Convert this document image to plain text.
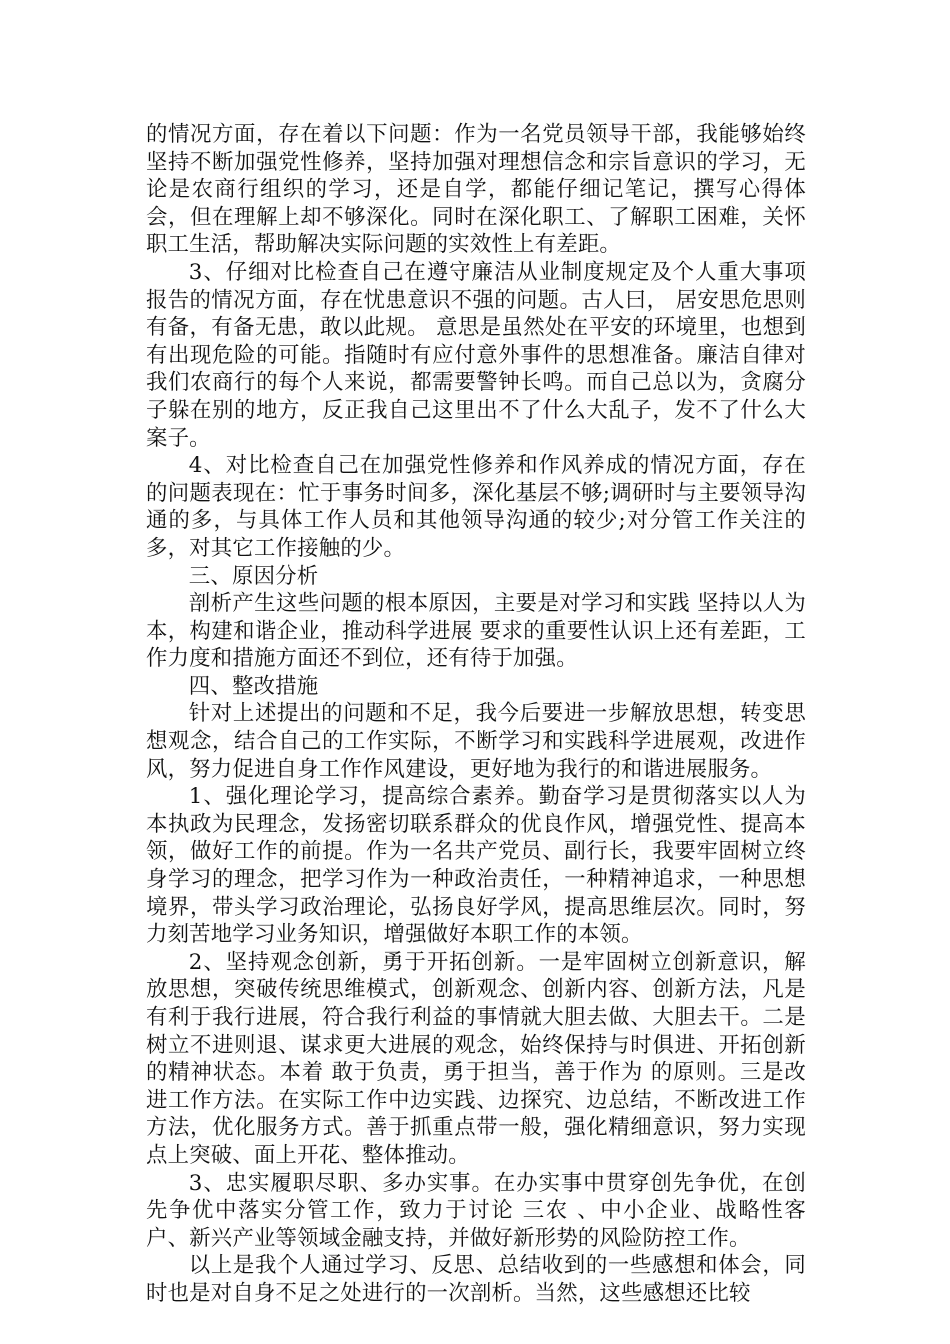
的情况方面，存在着以下问题：作为一名党员领导干部，我能够始终坚持不断加强党性修养，坚持加强对理想信念和宗旨意识的学习，无论是农商行组织的学习，还是自学，都能仔细记笔记，撰写心得体会，但在理解上却不够深化。同时在深化职工、了解职工困难，关怀职工生活，帮助解决实际问题的实效性上有差距。

3、仔细对比检查自己在遵守廉洁从业制度规定及个人重大事项报告的情况方面，存在忧患意识不强的问题。古人曰， 居安思危思则有备，有备无患，敢以此规。 意思是虽然处在平安的环境里，也想到有出现危险的可能。指随时有应付意外事件的思想准备。廉洁自律对我们农商行的每个人来说，都需要警钟长鸣。而自己总以为，贪腐分子躲在别的地方，反正我自己这里出不了什么大乱子，发不了什么大案子。

4、对比检查自己在加强党性修养和作风养成的情况方面，存在的问题表现在：忙于事务时间多，深化基层不够;调研时与主要领导沟通的多，与具体工作人员和其他领导沟通的较少;对分管工作关注的多，对其它工作接触的少。

三、原因分析

剖析产生这些问题的根本原因，主要是对学习和实践 坚持以人为本，构建和谐企业，推动科学进展 要求的重要性认识上还有差距，工作力度和措施方面还不到位，还有待于加强。

四、整改措施

针对上述提出的问题和不足，我今后要进一步解放思想，转变思想观念，结合自己的工作实际，不断学习和实践科学进展观，改进作风，努力促进自身工作作风建设，更好地为我行的和谐进展服务。

1、强化理论学习，提高综合素养。勤奋学习是贯彻落实以人为本执政为民理念，发扬密切联系群众的优良作风，增强党性、提高本领，做好工作的前提。作为一名共产党员、副行长，我要牢固树立终身学习的理念，把学习作为一种政治责任，一种精神追求，一种思想境界，带头学习政治理论，弘扬良好学风，提高思维层次。同时，努力刻苦地学习业务知识，增强做好本职工作的本领。

2、坚持观念创新，勇于开拓创新。一是牢固树立创新意识，解放思想，突破传统思维模式，创新观念、创新内容、创新方法，凡是有利于我行进展，符合我行利益的事情就大胆去做、大胆去干。二是树立不进则退、谋求更大进展的观念，始终保持与时俱进、开拓创新的精神状态。本着 敢于负责，勇于担当，善于作为 的原则。三是改进工作方法。在实际工作中边实践、边探究、边总结，不断改进工作方法，优化服务方式。善于抓重点带一般，强化精细意识，努力实现点上突破、面上开花、整体推动。

3、忠实履职尽职、多办实事。在办实事中贯穿创先争优，在创先争优中落实分管工作，致力于讨论 三农 、中小企业、战略性客户、新兴产业等领域金融支持，并做好新形势的风险防控工作。

以上是我个人通过学习、反思、总结收到的一些感想和体会，同时也是对自身不足之处进行的一次剖析。当然，这些感想还比较
